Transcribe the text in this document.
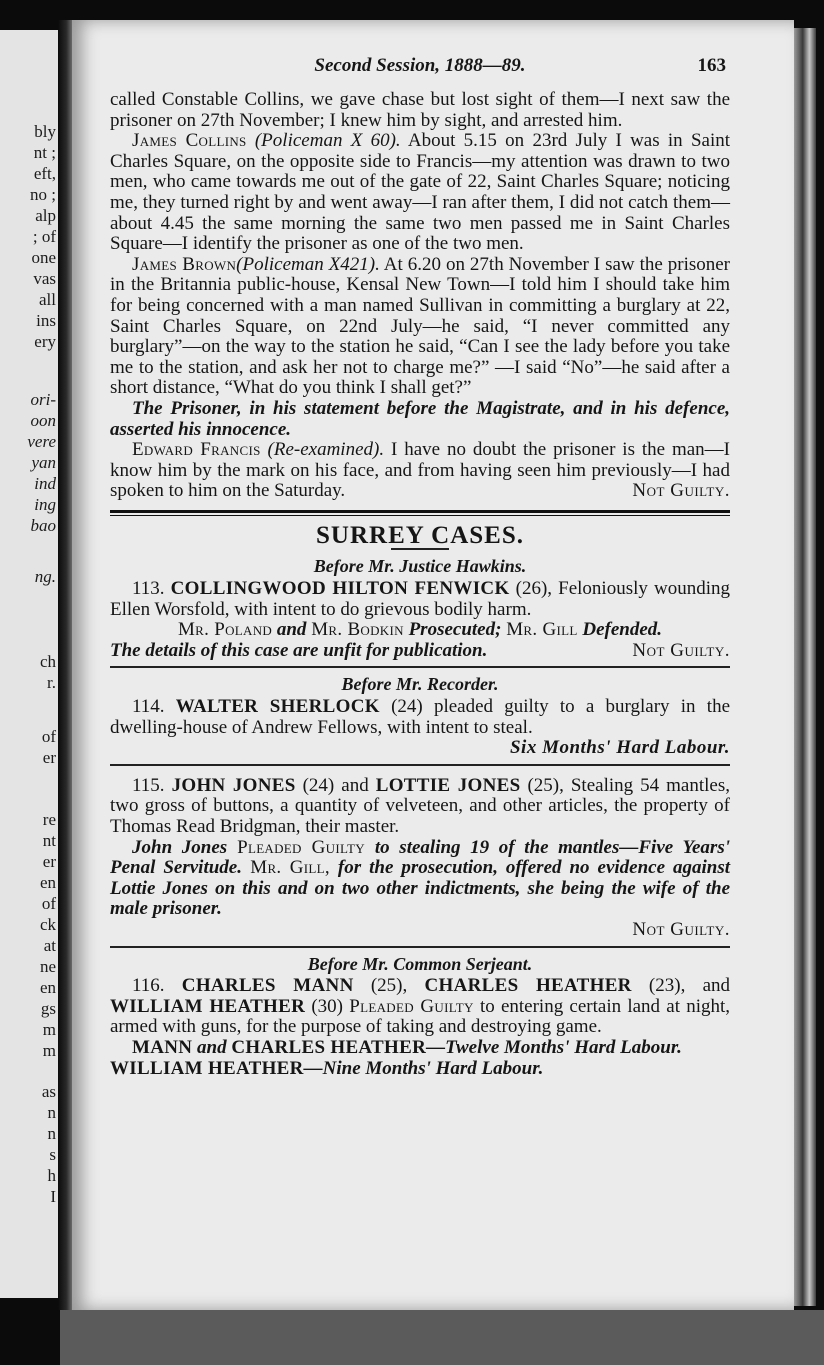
bly
nt ;
eft,
no ;
alp
; of
one
vas
all
ins
ery
ori-
oon
vere
yan
ind
ing
bao
ng.
ch
r.
of
er
re
nt
er
en
of
ck
at
ne
en
gs
m
m
as
n
n
s
h
I
Second Session, 1888—89.	163

called Constable Collins, we gave chase but lost sight of them—I next saw the prisoner on 27th November; I knew him by sight, and arrested him.

James Collins (Policeman X 60). About 5.15 on 23rd July I was in Saint Charles Square, on the opposite side to Francis—my attention was drawn to two men, who came towards me out of the gate of 22, Saint Charles Square; noticing me, they turned right by and went away—I ran after them, I did not catch them—about 4.45 the same morning the same two men passed me in Saint Charles Square—I identify the prisoner as one of the two men.

James Brown(Policeman X421). At 6.20 on 27th November I saw the prisoner in the Britannia public-house, Kensal New Town—I told him I should take him for being concerned with a man named Sullivan in committing a burglary at 22, Saint Charles Square, on 22nd July—he said, “I never committed any burglary”—on the way to the station he said, “Can I see the lady before you take me to the station, and ask her not to charge me?” —I said “No”—he said after a short distance, “What do you think I shall get?”

The Prisoner, in his statement before the Magistrate, and in his defence, asserted his innocence.

Edward Francis (Re-examined). I have no doubt the prisoner is the man—I know him by the mark on his face, and from having seen him previously—I had spoken to him on the Saturday.	Not Guilty.

SURREY CASES.
Before Mr. Justice Hawkins.

113. COLLINGWOOD HILTON FENWICK (26), Feloniously wounding Ellen Worsfold, with intent to do grievous bodily harm.

Mr. Poland and Mr. Bodkin Prosecuted; Mr. Gill Defended.

The details of this case are unfit for publication.	Not Guilty.

Before Mr. Recorder.

114. WALTER SHERLOCK (24) pleaded guilty to a burglary in the dwelling-house of Andrew Fellows, with intent to steal.

Six Months' Hard Labour.

115. JOHN JONES (24) and LOTTIE JONES (25), Stealing 54 mantles, two gross of buttons, a quantity of velveteen, and other articles, the property of Thomas Read Bridgman, their master.

John Jones Pleaded Guilty to stealing 19 of the mantles—Five Years' Penal Servitude. Mr. Gill, for the prosecution, offered no evidence against Lottie Jones on this and on two other indictments, she being the wife of the male prisoner.

Not Guilty.

Before Mr. Common Serjeant.

116. CHARLES MANN (25), CHARLES HEATHER (23), and WILLIAM HEATHER (30) Pleaded Guilty to entering certain land at night, armed with guns, for the purpose of taking and destroying game.

MANN and CHARLES HEATHER—Twelve Months' Hard Labour.

WILLIAM HEATHER—Nine Months' Hard Labour.
